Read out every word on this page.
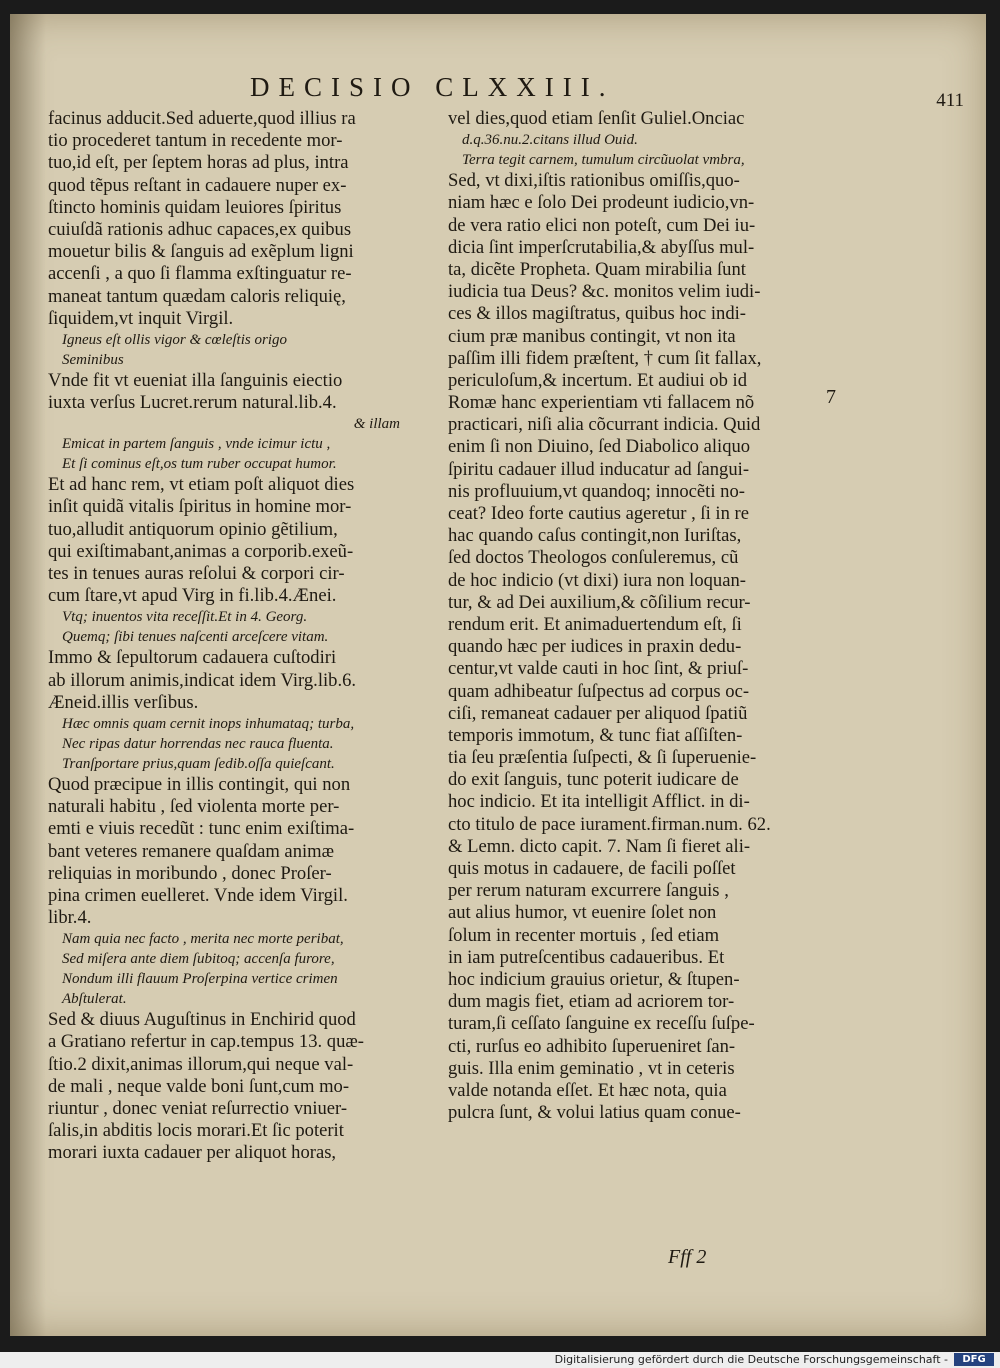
DECISIO CLXXIII.	411
facinus adducit.Sed aduerte,quod illius ra
tio procederet tantum in recedente mor-
tuo,id eſt, per ſeptem horas ad plus, intra
quod tẽpus reſtant in cadauere nuper ex-
ſtincto hominis quidam leuiores ſpiritus
cuiuſdã rationis adhuc capaces,ex quibus
mouetur bilis & ſanguis ad exẽplum ligni
accenſi , a quo ſi flamma exſtinguatur re-
maneat tantum quædam caloris reliquię,
ſiquidem,vt inquit Virgil.
Igneus eſt ollis vigor & cœleſtis origo
Seminibus
Vnde fit vt eueniat illa ſanguinis eiectio
iuxta verſus Lucret.rerum natural.lib.4.
& illam
Emicat in partem ſanguis , vnde icimur ictu ,
Et ſi cominus eſt,os tum ruber occupat humor.
Et ad hanc rem, vt etiam poſt aliquot dies
inſit quidã vitalis ſpiritus in homine mor-
tuo,alludit antiquorum opinio gẽtilium,
qui exiſtimabant,animas a corporib.exeũ-
tes in tenues auras reſolui & corpori cir-
cum ſtare,vt apud Virg in fi.lib.4.Ænei.
Vtq; inuentos vita receſſit.Et in 4. Georg.
Quemq; ſibi tenues naſcenti arceſcere vitam.
Immo & ſepultorum cadauera cuſtodiri
ab illorum animis,indicat idem Virg.lib.6.
Æneid.illis verſibus.
Hæc omnis quam cernit inops inhumataq; turba,
Nec ripas datur horrendas nec rauca fluenta.
Tranſportare prius,quam ſedib.oſſa quieſcant.
Quod præcipue in illis contingit, qui non
naturali habitu , ſed violenta morte per-
emti e viuis recedũt : tunc enim exiſtima-
bant veteres remanere quaſdam animæ
reliquias in moribundo , donec Proſer-
pina crimen euelleret. Vnde idem Virgil.
libr.4.
Nam quia nec facto , merita nec morte peribat,
Sed miſera ante diem ſubitoq; accenſa furore,
Nondum illi flauum Proſerpina vertice crimen
Abſtulerat.
Sed & diuus Auguſtinus in Enchirid quod
a Gratiano refertur in cap.tempus 13. quæ-
ſtio.2 dixit,animas illorum,qui neque val-
de mali , neque valde boni ſunt,cum mo-
riuntur , donec veniat reſurrectio vniuer-
ſalis,in abditis locis morari.Et ſic poterit
morari iuxta cadauer per aliquot horas,
vel dies,quod etiam ſenſit Guliel.Onciac
d.q.36.nu.2.citans illud Ouid.
Terra tegit carnem, tumulum circũuolat vmbra,
Sed, vt dixi,iſtis rationibus omiſſis,quo-
niam hæc e ſolo Dei prodeunt iudicio,vn-
de vera ratio elici non poteſt, cum Dei iu-
dicia ſint imperſcrutabilia,& abyſſus mul-
ta, dicẽte Propheta. Quam mirabilia ſunt
iudicia tua Deus? &c. monitos velim iudi-
ces & illos magiſtratus, quibus hoc indi-
cium præ manibus contingit, vt non ita
paſſim illi fidem præſtent, † cum ſit fallax,
periculoſum,& incertum. Et audiui ob id
Romæ hanc experientiam vti fallacem nõ
practicari, niſi alia cõcurrant indicia. Quid
enim ſi non Diuino, ſed Diabolico aliquo
ſpiritu cadauer illud inducatur ad ſangui-
nis profluuium,vt quandoq; innocẽti no-
ceat? Ideo forte cautius ageretur , ſi in re
hac quando caſus contingit,non Iuriſtas,
ſed doctos Theologos conſuleremus, cũ
de hoc indicio (vt dixi) iura non loquan-
tur, & ad Dei auxilium,& cõſilium recur-
rendum erit. Et animaduertendum eſt, ſi
quando hæc per iudices in praxin dedu-
centur,vt valde cauti in hoc ſint, & priuſ-
quam adhibeatur ſuſpectus ad corpus oc-
ciſi, remaneat cadauer per aliquod ſpatiũ
temporis immotum, & tunc fiat aſſiſten-
tia ſeu præſentia ſuſpecti, & ſi ſuperuenie-
do exit ſanguis, tunc poterit iudicare de
hoc indicio. Et ita intelligit Afflict. in di-
cto titulo de pace iurament.firman.num. 62.
& Lemn. dicto capit. 7. Nam ſi fieret ali-
quis motus in cadauere, de facili poſſet
per rerum naturam excurrere ſanguis ,
aut alius humor, vt euenire ſolet non
ſolum in recenter mortuis , ſed etiam
in iam putreſcentibus cadaueribus. Et
hoc indicium grauius orietur, & ſtupen-
dum magis fiet, etiam ad acriorem tor-
turam,ſi ceſſato ſanguine ex receſſu ſuſpe-
cti, rurſus eo adhibito ſuperueniret ſan-
guis. Illa enim geminatio , vt in ceteris
valde notanda eſſet. Et hæc nota, quia
pulcra ſunt, & volui latius quam conue-
7
Fff 2
Digitalisierung gefördert durch die Deutsche Forschungsgemeinschaft -	DFG
